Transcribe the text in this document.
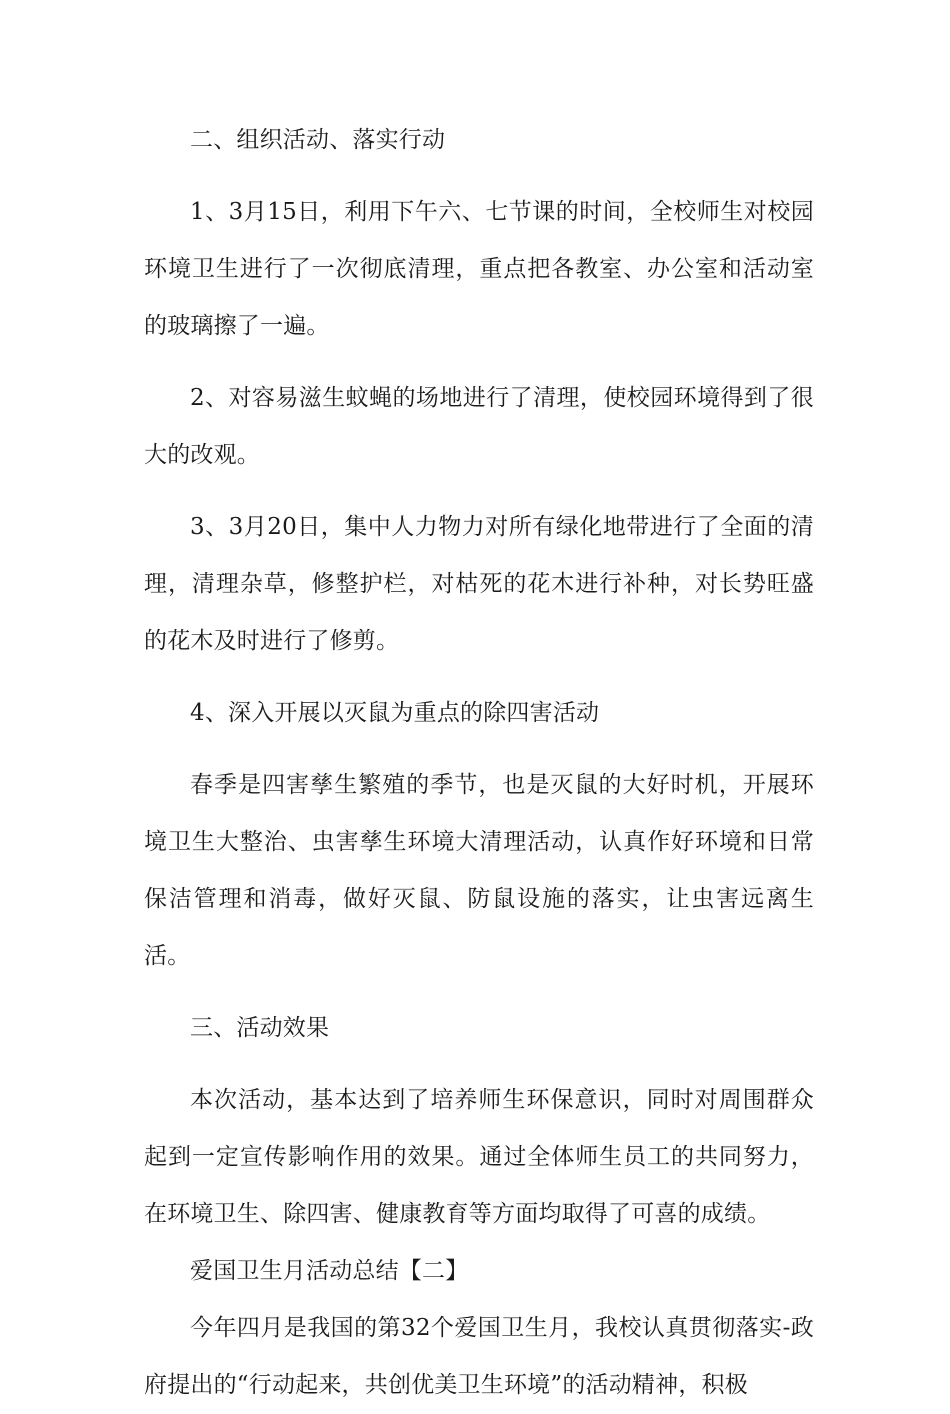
二、组织活动、落实行动

1、3月15日，利用下午六、七节课的时间，全校师生对校园环境卫生进行了一次彻底清理，重点把各教室、办公室和活动室的玻璃擦了一遍。

2、对容易滋生蚊蝇的场地进行了清理，使校园环境得到了很大的改观。

3、3月20日，集中人力物力对所有绿化地带进行了全面的清理，清理杂草，修整护栏，对枯死的花木进行补种，对长势旺盛的花木及时进行了修剪。

4、深入开展以灭鼠为重点的除四害活动

春季是四害孳生繁殖的季节，也是灭鼠的大好时机，开展环境卫生大整治、虫害孳生环境大清理活动，认真作好环境和日常保洁管理和消毒，做好灭鼠、防鼠设施的落实，让虫害远离生活。

三、活动效果

本次活动，基本达到了培养师生环保意识，同时对周围群众起到一定宣传影响作用的效果。通过全体师生员工的共同努力，在环境卫生、除四害、健康教育等方面均取得了可喜的成绩。

爱国卫生月活动总结【二】

今年四月是我国的第32个爱国卫生月，我校认真贯彻落实-政府提出的“行动起来，共创优美卫生环境”的活动精神，积极
